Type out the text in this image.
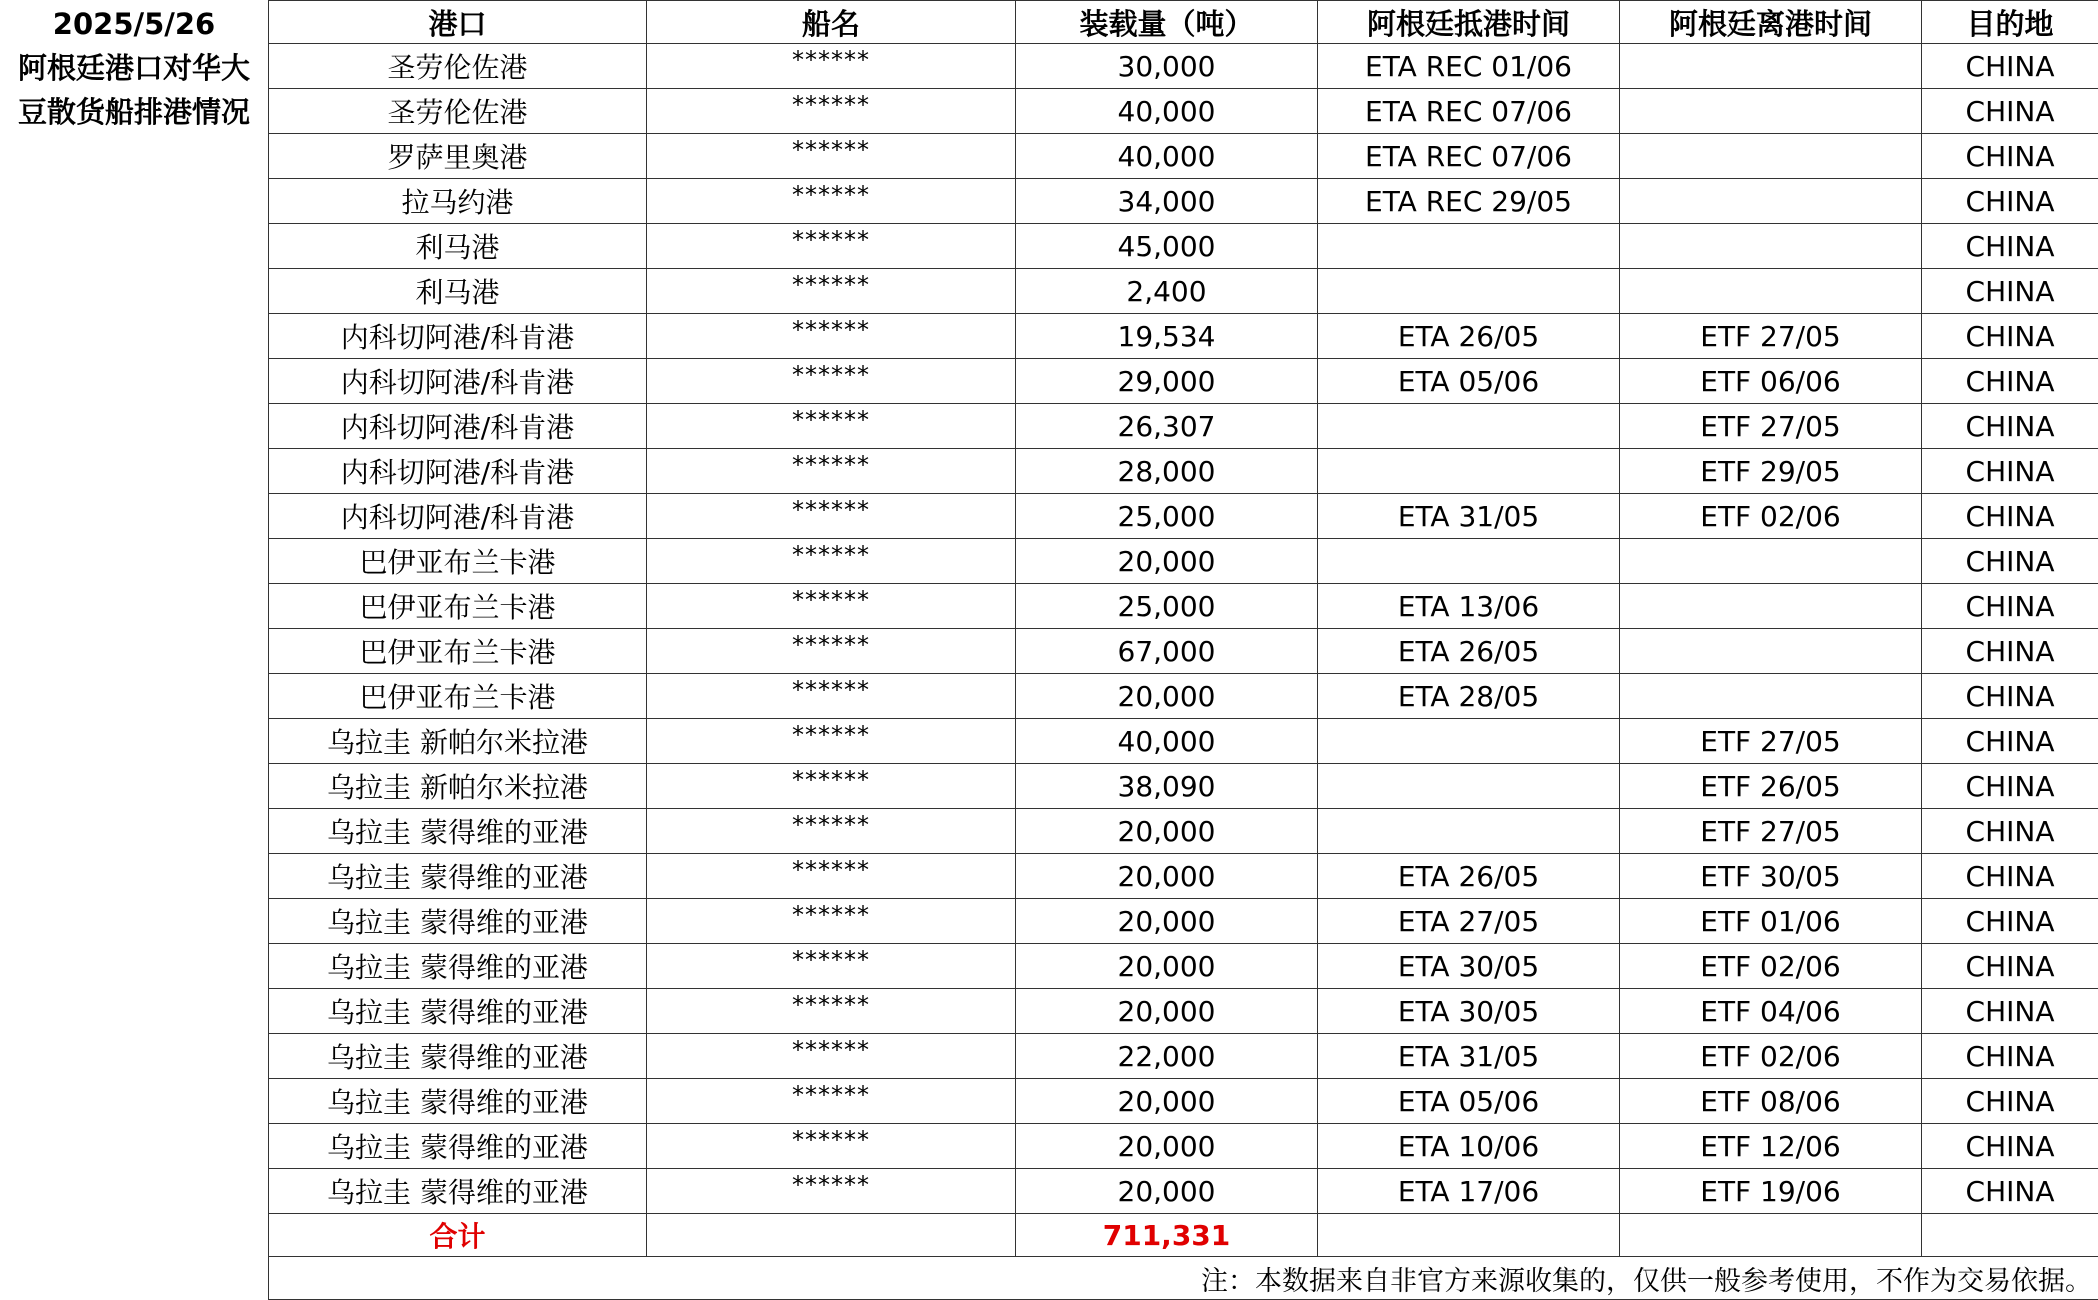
2025/5/26
阿根廷港口对华大
豆散货船排港情况
港口	船名	装载量（吨）	阿根廷抵港时间	阿根廷离港时间	目的地
圣劳伦佐港	******	30,000	ETA REC 01/06		CHINA
圣劳伦佐港	******	40,000	ETA REC 07/06		CHINA
罗萨里奥港	******	40,000	ETA REC 07/06		CHINA
拉马约港	******	34,000	ETA REC 29/05		CHINA
利马港	******	45,000			CHINA
利马港	******	2,400			CHINA
内科切阿港/科肯港	******	19,534	ETA 26/05	ETF 27/05	CHINA
内科切阿港/科肯港	******	29,000	ETA 05/06	ETF 06/06	CHINA
内科切阿港/科肯港	******	26,307		ETF 27/05	CHINA
内科切阿港/科肯港	******	28,000		ETF 29/05	CHINA
内科切阿港/科肯港	******	25,000	ETA 31/05	ETF 02/06	CHINA
巴伊亚布兰卡港	******	20,000			CHINA
巴伊亚布兰卡港	******	25,000	ETA 13/06		CHINA
巴伊亚布兰卡港	******	67,000	ETA 26/05		CHINA
巴伊亚布兰卡港	******	20,000	ETA 28/05		CHINA
乌拉圭 新帕尔米拉港	******	40,000		ETF 27/05	CHINA
乌拉圭 新帕尔米拉港	******	38,090		ETF 26/05	CHINA
乌拉圭 蒙得维的亚港	******	20,000		ETF 27/05	CHINA
乌拉圭 蒙得维的亚港	******	20,000	ETA 26/05	ETF 30/05	CHINA
乌拉圭 蒙得维的亚港	******	20,000	ETA 27/05	ETF 01/06	CHINA
乌拉圭 蒙得维的亚港	******	20,000	ETA 30/05	ETF 02/06	CHINA
乌拉圭 蒙得维的亚港	******	20,000	ETA 30/05	ETF 04/06	CHINA
乌拉圭 蒙得维的亚港	******	22,000	ETA 31/05	ETF 02/06	CHINA
乌拉圭 蒙得维的亚港	******	20,000	ETA 05/06	ETF 08/06	CHINA
乌拉圭 蒙得维的亚港	******	20,000	ETA 10/06	ETF 12/06	CHINA
乌拉圭 蒙得维的亚港	******	20,000	ETA 17/06	ETF 19/06	CHINA
合计		711,331			
注：本数据来自非官方来源收集的，仅供一般参考使用，不作为交易依据。					
